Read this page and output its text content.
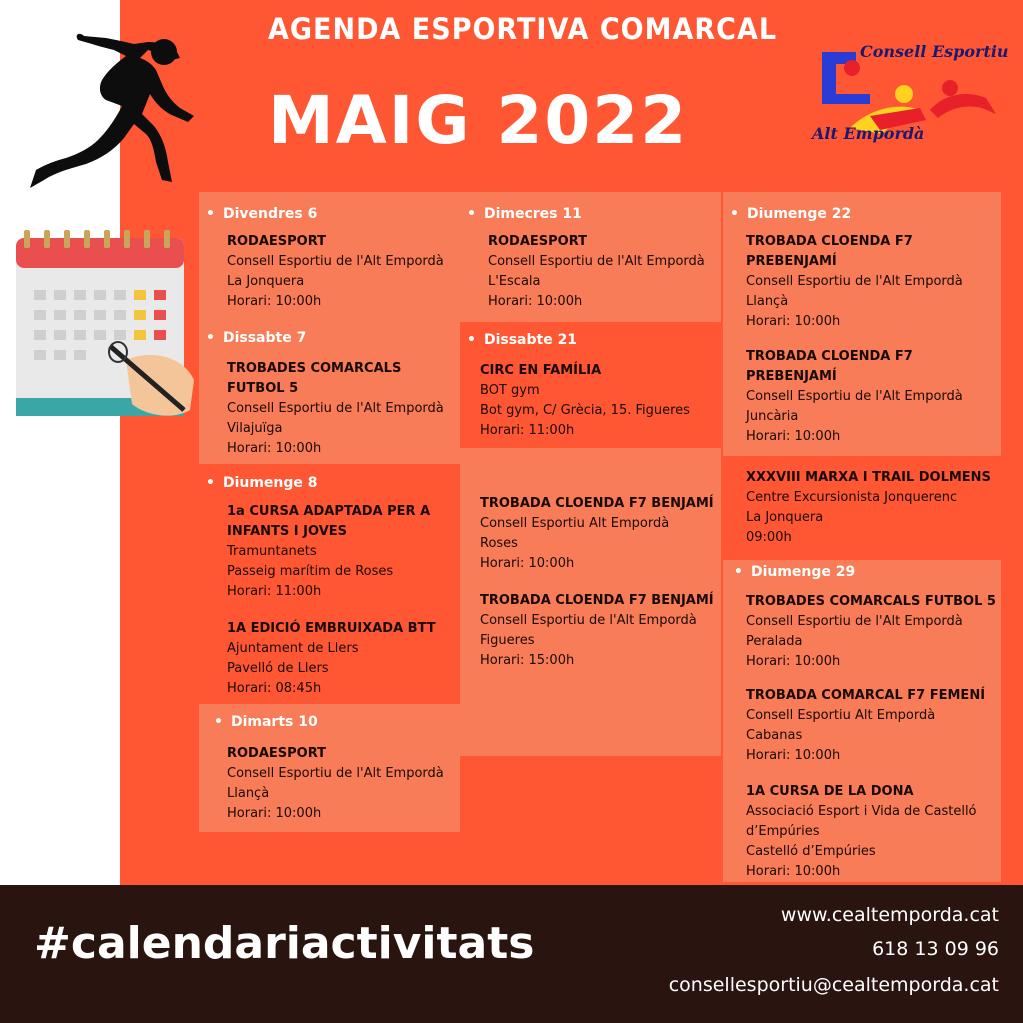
AGENDA ESPORTIVA COMARCAL
MAIG 2022
Consell Esportiu
Alt Empordà
• Divendres 6
RODAESPORT
Consell Esportiu de l'Alt Empordà
La Jonquera
Horari: 10:00h
• Dissabte 7
TROBADES COMARCALS
FUTBOL 5
Consell Esportiu de l'Alt Empordà
Vilajuïga
Horari: 10:00h
• Diumenge 8
1a CURSA ADAPTADA PER A
INFANTS I JOVES
Tramuntanets
Passeig marítim de Roses
Horari: 11:00h
1A EDICIÓ EMBRUIXADA BTT
Ajuntament de Llers
Pavelló de Llers
Horari: 08:45h
• Dimarts 10
RODAESPORT
Consell Esportiu de l'Alt Empordà
Llançà
Horari: 10:00h
• Dimecres 11
RODAESPORT
Consell Esportiu de l'Alt Empordà
L'Escala
Horari: 10:00h
• Dissabte 21
CIRC EN FAMÍLIA
BOT gym
Bot gym, C/ Grècia, 15. Figueres
Horari: 11:00h
TROBADA CLOENDA F7 BENJAMÍ
Consell Esportiu Alt Empordà
Roses
Horari: 10:00h
TROBADA CLOENDA F7 BENJAMÍ
Consell Esportiu de l'Alt Empordà
Figueres
Horari: 15:00h
• Diumenge 22
TROBADA CLOENDA F7
PREBENJAMÍ
Consell Esportiu de l'Alt Empordà
Llançà
Horari: 10:00h
TROBADA CLOENDA F7
PREBENJAMÍ
Consell Esportiu de l'Alt Empordà
Juncària
Horari: 10:00h
XXXVIII MARXA I TRAIL DOLMENS
Centre Excursionista Jonquerenc
La Jonquera
09:00h
• Diumenge 29
TROBADES COMARCALS FUTBOL 5
Consell Esportiu de l'Alt Empordà
Peralada
Horari: 10:00h
TROBADA COMARCAL F7 FEMENÍ
Consell Esportiu Alt Empordà
Cabanas
Horari: 10:00h
1A CURSA DE LA DONA
Associació Esport i Vida de Castelló
d’Empúries
Castelló d’Empúries
Horari: 10:00h
#calendariactivitats
www.cealtemporda.cat
618 13 09 96
consellesportiu@cealtemporda.cat
